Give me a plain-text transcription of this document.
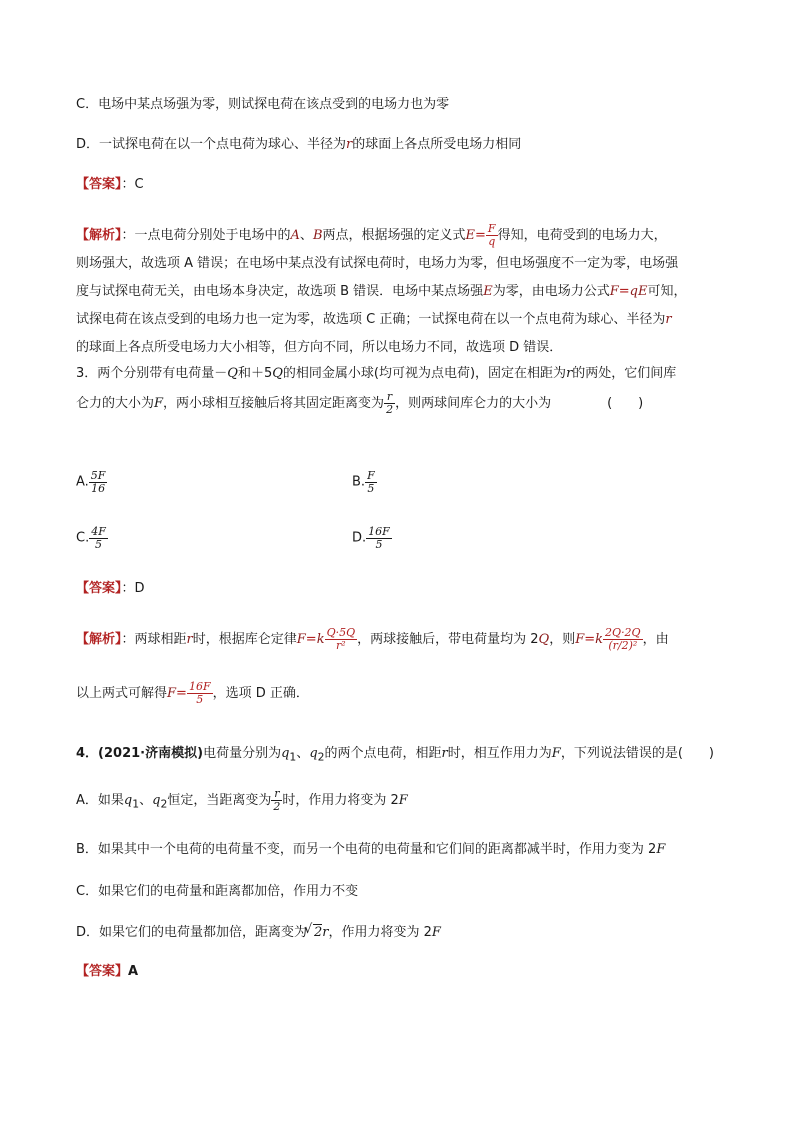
C．电场中某点场强为零，则试探电荷在该点受到的电场力也为零
D．一试探电荷在以一个点电荷为球心、半径为r的球面上各点所受电场力相同
【答案】：C
【解析】：一点电荷分别处于电场中的A、B两点，根据场强的定义式$E= \frac{F}{q}$ 得知，电荷受到的电场力大，
则场强大，故选项 A 错误；在电场中某点没有试探电荷时，电场力为零，但电场强度不一定为零，电场强
度与试探电荷无关，由电场本身决定，故选项 B 错误．电场中某点场强E为零，由电场力公式F=qE可知，
试探电荷在该点受到的电场力也一定为零，故选项 C 正确；一试探电荷在以一个点电荷为球心、半径为r
的球面上各点所受电场力大小相等，但方向不同，所以电场力不同，故选项 D 错误．
3．两个分别带有电荷量－Q和＋5Q的相同金属小球(均可视为点电荷)，固定在相距为r的两处，它们间库
仑力的大小为F，两小球相互接触后将其固定距离变为 $\frac{r}{2}$ ，则两球间库仑力的大小为	(　　)
A. $\frac{5F}{16}$	B. $\frac{F}{5}$
C. $\frac{4F}{5}$	D. $\frac{16F}{5}$
【答案】：D
【解析】：两球相距r时，根据库仑定律$F=k \frac{Q\cdot 5Q}{\text{r²}}$ ，两球接触后，带电荷量均为 2Q，则$F=k \frac{2Q\cdot 2Q}{\text{(r/2)²}}$ ，由
以上两式可解得$F= \frac{16F}{5}$ ，选项 D 正确．
4．(2021·济南模拟)电荷量分别为$q_1$、$q_2$的两个点电荷，相距r时，相互作用力为F，下列说法错误的是(　　)
A．如果$q_1$、$q_2$恒定，当距离变为 $\frac{r}{2}$ 时，作用力将变为 2F
B．如果其中一个电荷的电荷量不变，而另一个电荷的电荷量和它们间的距离都减半时，作用力变为 2F
C．如果它们的电荷量和距离都加倍，作用力不变
D．如果它们的电荷量都加倍，距离变为√ 2r，作用力将变为 2F
【答案】A
